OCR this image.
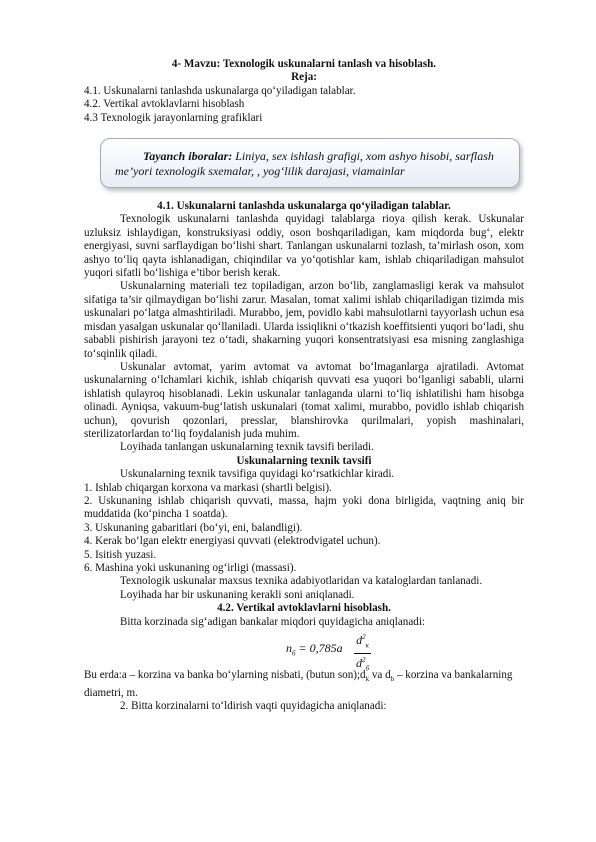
4- Mavzu: Texnologik uskunalarni tanlash va hisoblash.
Reja:
4.1. Uskunalarni tanlashda uskunalarga qo‘yiladigan talablar.
4.2. Vertikal avtoklavlarni hisoblash
4.3 Texnologik jarayonlarning grafiklari
Tayanch iboralar: Liniya, sex ishlash grafigi, xom ashyo hisobi, sarflash
me’yori texnologik sxemalar, , yog‘lilik darajasi, viamainlar
4.1. Uskunalarni tanlashda uskunalarga qo‘yiladigan talablar.
Texnologik uskunalarni tanlashda quyidagi talablarga rioya qilish kerak. Uskunalar uzluksiz ishlaydigan, konstruksiyasi oddiy, oson boshqariladigan, kam miqdorda bug‘, elektr energiyasi, suvni sarflaydigan bo‘lishi shart. Tanlangan uskunalarni tozlash, ta’mirlash oson, xom ashyo to‘liq qayta ishlanadigan, chiqindilar va yo‘qotishlar kam, ishlab chiqariladigan mahsulot yuqori sifatli bo‘lishiga e’tibor berish kerak.
Uskunalarning materiali tez topiladigan, arzon bo‘lib, zanglamasligi kerak va mahsulot sifatiga ta’sir qilmaydigan bo‘lishi zarur. Masalan, tomat xalimi ishlab chiqariladigan tizimda mis uskunalari po‘latga almashtiriladi. Murabbo, jem, povidlo kabi mahsulotlarni tayyorlash uchun esa misdan yasalgan uskunalar qo‘llaniladi. Ularda issiqlikni o‘tkazish koeffitsienti yuqori bo‘ladi, shu sababli pishirish jarayoni tez o‘tadi, shakarning yuqori konsentratsiyasi esa misning zanglashiga to‘sqinlik qiladi.
Uskunalar avtomat, yarim avtomat va avtomat bo‘lmaganlarga ajratiladi. Avtomat uskunalarning o‘lchamlari kichik, ishlab chiqarish quvvati esa yuqori bo‘lganligi sababli, ularni ishlatish qulayroq hisoblanadi. Lekin uskunalar tanlaganda ularni to‘liq ishlatilishi ham hisobga olinadi. Ayniqsa, vakuum-bug‘latish uskunalari (tomat xalimi, murabbo, povidlo ishlab chiqarish uchun), qovurish qozonlari, presslar, blanshirovka qurilmalari, yopish mashinalari, sterilizatorlardan to‘liq foydalanish juda muhim.
Loyihada tanlangan uskunalarning texnik tavsifi beriladi.
Uskunalarning texnik tavsifi
Uskunalarning texnik tavsifiga quyidagi ko‘rsatkichlar kiradi.
1. Ishlab chiqargan korxona va markasi (shartli belgisi).
2. Uskunaning ishlab chiqarish quvvati, massa, hajm yoki dona birligida, vaqtning aniq bir muddatida (ko‘pincha 1 soatda).
3. Uskunaning gabaritlari (bo‘yi, eni, balandligi).
4. Kerak bo‘lgan elektr energiyasi quvvati (elektrodvigatel uchun).
5. Isitish yuzasi.
6. Mashina yoki uskunaning og‘irligi (massasi).
Texnologik uskunalar maxsus texnika adabiyotlaridan va kataloglardan tanlanadi.
Loyihada har bir uskunaning kerakli soni aniqlanadi.
4.2. Vertikal avtoklavlarni hisoblash.
Bitta korzinada sig‘adigan bankalar miqdori quyidagicha aniqlanadi:
$n_б = 0,785a$
$d^2_к$
$d^2_б$
Bu erda:a – korzina va banka bo‘ylarning nisbati, (butun $son);d_k$ va $d_b$ – korzina va bankalarning diametri, m.
2. Bitta korzinalarni to‘ldirish vaqti quyidagicha aniqlanadi:
